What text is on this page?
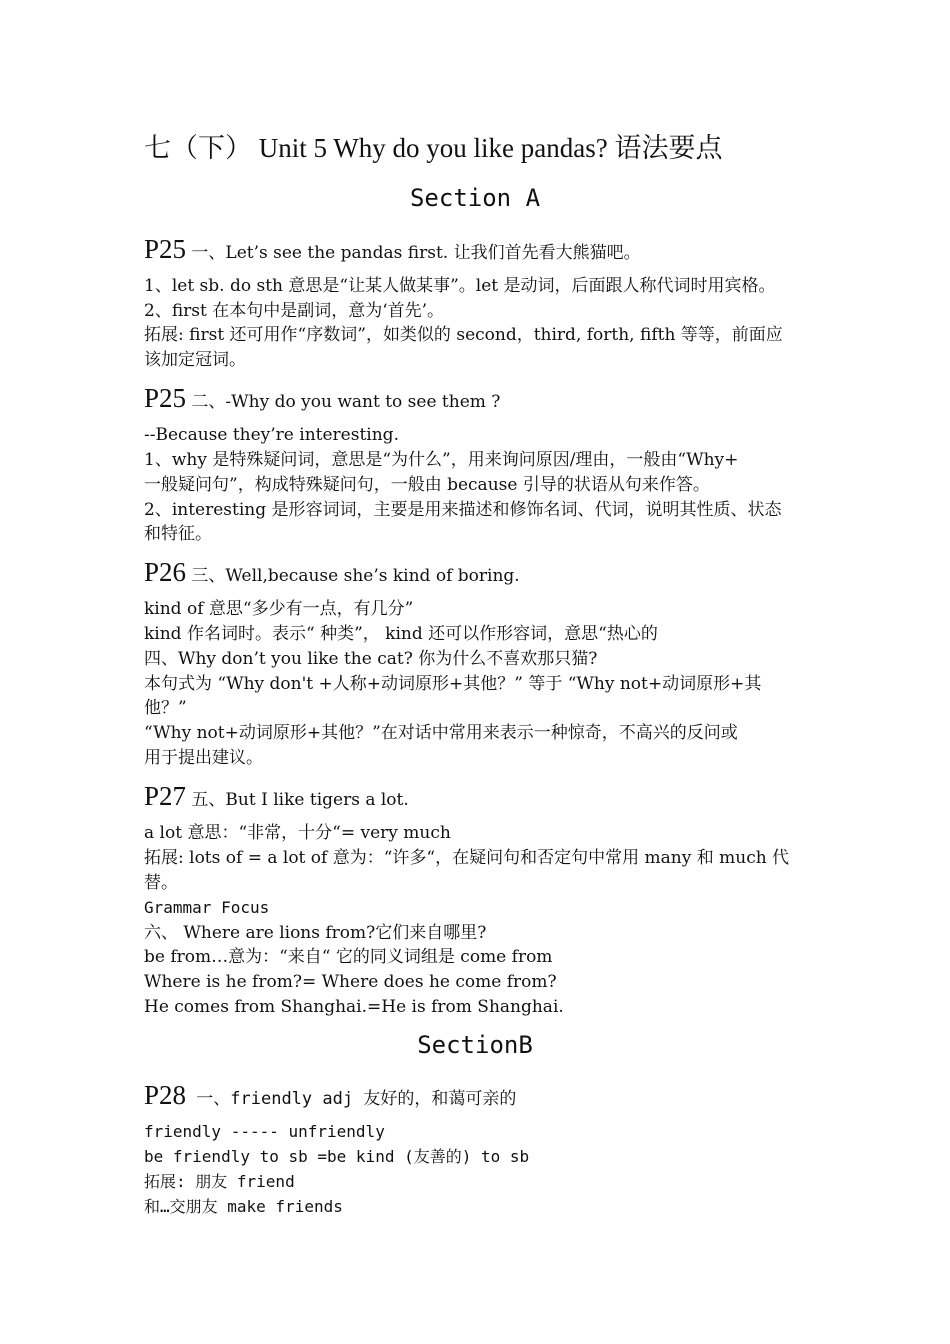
七（下） Unit 5 Why do you like pandas? 语法要点
Section A
P25 一、Let’s see the pandas first. 让我们首先看大熊猫吧。
1、let sb. do sth 意思是“让某人做某事”。let 是动词，后面跟人称代词时用宾格。
2、first 在本句中是副词，意为‘首先’。
拓展: first 还可用作“序数词”，如类似的 second，third, forth, fifth 等等，前面应
该加定冠词。
P25 二、-Why do you want to see them ?
--Because they’re interesting.
1、why 是特殊疑问词，意思是“为什么”，用来询问原因/理由，一般由“Why+
一般疑问句”，构成特殊疑问句，一般由 because 引导的状语从句来作答。
2、interesting 是形容词词，主要是用来描述和修饰名词、代词，说明其性质、状态
和特征。
P26 三、Well,because she’s kind of boring.
kind of 意思“多少有一点，有几分”
kind 作名词时。表示“ 种类”， kind 还可以作形容词，意思“热心的
四、Why don’t you like the cat? 你为什么不喜欢那只猫?
本句式为 “Why don't +人称+动词原形+其他？” 等于 “Why not+动词原形+其
他？”
“Why not+动词原形+其他？”在对话中常用来表示一种惊奇，不高兴的反问或
用于提出建议。
P27 五、But I like tigers a lot.
a lot 意思：“非常，十分“= very much
拓展: lots of = a lot of 意为：“许多“，在疑问句和否定句中常用 many 和 much 代
替。
Grammar Focus
六、 Where are lions from?它们来自哪里?
be from…意为：“来自“ 它的同义词组是 come from
Where is he from?= Where does he come from?
He comes from Shanghai.=He is from Shanghai.
SectionB
P28 一、friendly adj 友好的，和蔼可亲的
friendly ----- unfriendly
be friendly to sb =be kind (友善的) to sb
拓展: 朋友 friend
和…交朋友 make friends
